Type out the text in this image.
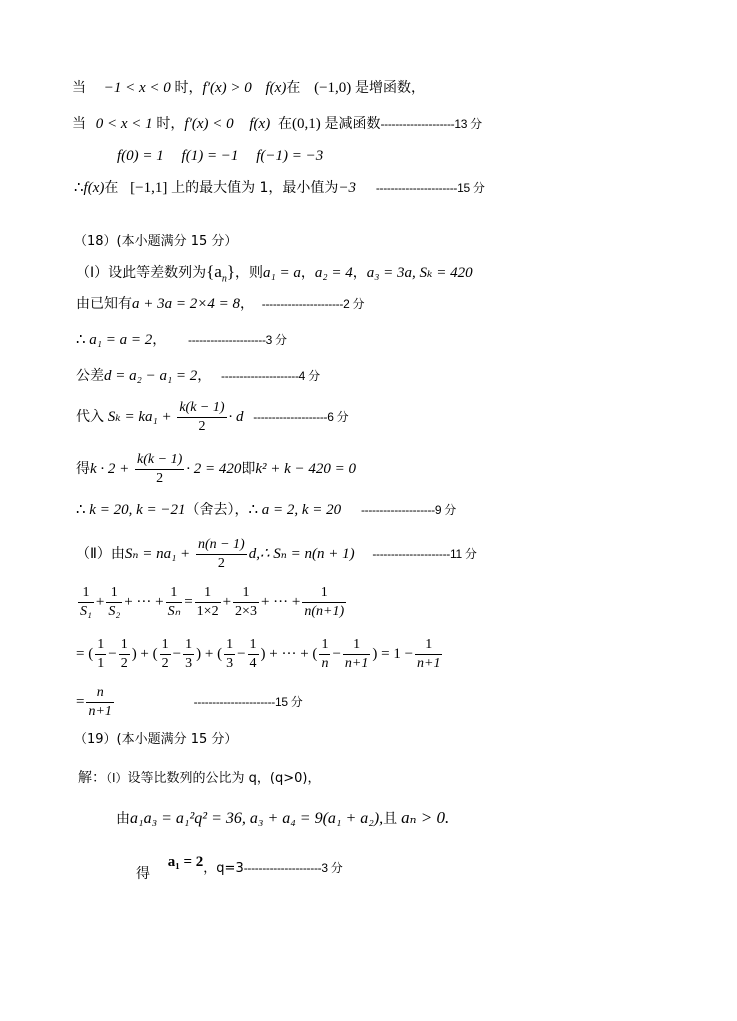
当 −1 < x < 0 时，f′(x) > 0 f(x)在 (−1,0) 是增函数，
当 0 < x < 1 时，f′(x) < 0 f(x) 在(0,1) 是减函数--------------------13 分
f(0) = 1 f(1) = −1 f(−1) = −3
∴f(x)在 [−1,1] 上的最大值为 1，最小值为−3 ----------------------15 分
（18）(本小题满分 15 分）
（Ⅰ）设此等差数列为$\{a_n\}$，则a₁ = a，a₂ = 4，a₃ = 3a, Sₖ = 420
由已知有a + 3a = 2×4 = 8， ----------------------2 分
∴ a₁ = a = 2， ---------------------3 分
公差d = a₂ − a₁ = 2， ---------------------4 分
代入 $S_k = ka_1 + \frac{k(k - 1)}{2} \cdot d$ --------------------6 分
得$k \cdot 2 + \frac{k(k - 1)}{2} \cdot 2 = 420$即k² + k − 420 = 0
∴ k = 20, k = −21（舍去），∴ a = 2, k = 20 --------------------9 分
（Ⅱ）由$S_n = na_1 + \frac{n(n - 1)}{2}$ d,∴ Sₙ = n(n + 1) ---------------------11 分
$\frac{1}{\text{S₁}} + \frac{1}{\text{S₂}}$ + ··· + $\frac{1}{\text{Sₙ}} = \frac{1}{1\times 2} + \frac{1}{2\times 3}$ + ··· + $\frac{1}{n(n+1)}$
= ( $\frac{1}{1} - \frac{1}{2}$ ) + ( $\frac{1}{2} - \frac{1}{3}$ ) + ( $\frac{1}{3} - \frac{1}{4}$ ) + ··· + ( $\frac{1}{n} - \frac{1}{n+1}$ ) = $1 - \frac{1}{n+1}$
= $\frac{n}{n+1}$	----------------------15 分
（19）(本小题满分 15 分）
解：$^{(Ⅰ)}$设等比数列的公比为 q，(q>0)，
由a₁a₃ = a₁²q² = 36, a₃ + a₄ = 9(a₁ + a₂),且 aₙ > 0.
得 a₁ = 2，q=3---------------------3 分
